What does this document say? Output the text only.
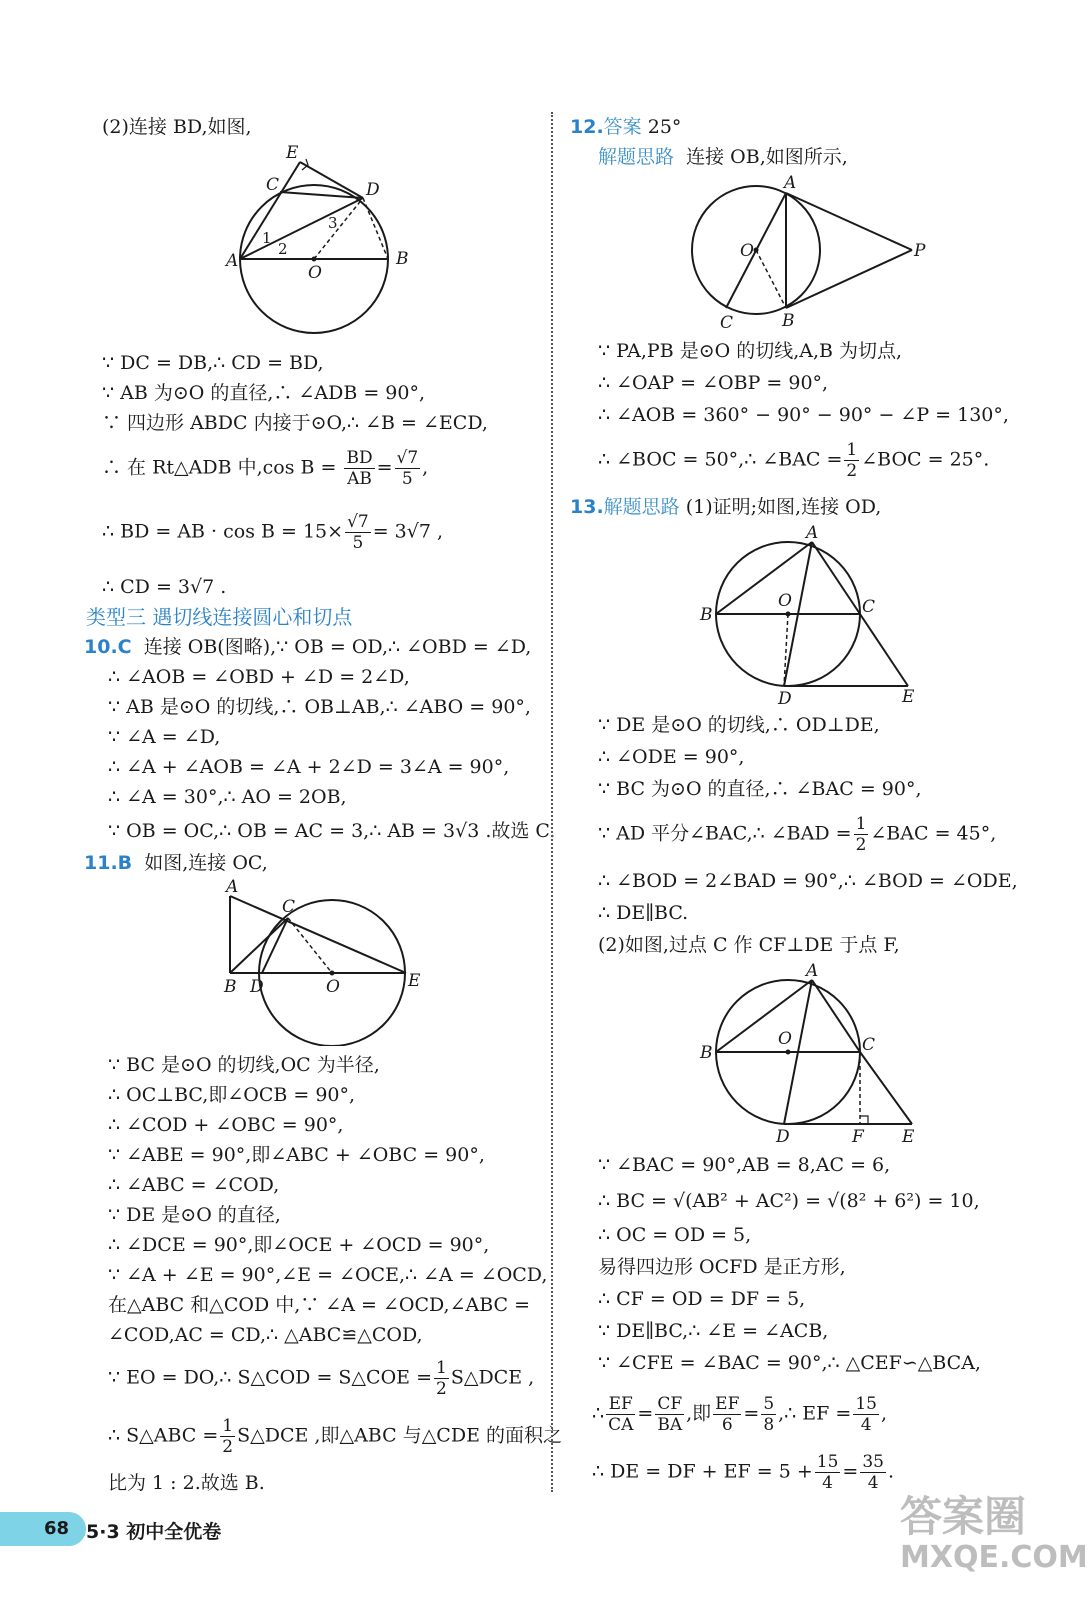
(2)连接 BD,如图,
E
C	D
A	B
O
1
2
3
∵ DC = DB,∴ CD = BD,
∵ AB 为⊙O 的直径,∴ ∠ADB = 90°,
∵ 四边形 ABDC 内接于⊙O,∴ ∠B = ∠ECD,
∴ 在 Rt△ADB 中,cos $B = \frac{BD}{AB} = \frac{√7}{5}$ ,
∴ BD = AB · $\cos B = 15\times \frac{√7}{5} = 3√7$ ,
∴ CD = 3√7 .
类型三 遇切线连接圆心和切点
10.C 连接 OB(图略),∵ OB = OD,∴ ∠OBD = ∠D,
∴ ∠AOB = ∠OBD + ∠D = 2∠D,
∵ AB 是⊙O 的切线,∴ OB⊥AB,∴ ∠ABO = 90°,
∵ ∠A = ∠D,
∴ ∠A + ∠AOB = ∠A + 2∠D = 3∠A = 90°,
∴ ∠A = 30°,∴ AO = 2OB,
∵ OB = OC,∴ OB = AC = 3,∴ AB = 3√3 .故选 C.
11.B 如图,连接 OC,
A
C
B D	O	E
∵ BC 是⊙O 的切线,OC 为半径,
∴ OC⊥BC,即∠OCB = 90°,
∴ ∠COD + ∠OBC = 90°,
∵ ∠ABE = 90°,即∠ABC + ∠OBC = 90°,
∴ ∠ABC = ∠COD,
∵ DE 是⊙O 的直径,
∴ ∠DCE = 90°,即∠OCE + ∠OCD = 90°,
∵ ∠A + ∠E = 90°,∠E = ∠OCE,∴ ∠A = ∠OCD,
在△ABC 和△COD 中,∵ ∠A = ∠OCD,∠ABC =
∠COD,AC = CD,∴ △ABC≌△COD,
∵ EO = DO,∴ S△COD = S△COE = $\frac{1}{2}$ S△DCE ,
∴ S△ABC = $\frac{1}{2}$ S△DCE ,即△ABC 与△CDE 的面积之
比为 1 : 2.故选 B.
12.答案 25°
解题思路 连接 OB,如图所示,
A
O	P
C	B
∵ PA,PB 是⊙O 的切线,A,B 为切点,
∴ ∠OAP = ∠OBP = 90°,
∴ ∠AOB = 360° − 90° − 90° − ∠P = 130°,
∴ ∠BOC = 50°,∴ ∠BAC = $\frac{1}{2}$ ∠BOC = 25°.
13.解题思路 (1)证明;如图,连接 OD,
A
B
O	C
D	E
∵ DE 是⊙O 的切线,∴ OD⊥DE,
∴ ∠ODE = 90°,
∵ BC 为⊙O 的直径,∴ ∠BAC = 90°,
∵ AD 平分∠BAC,∴ ∠BAD = $\frac{1}{2}$ ∠BAC = 45°,
∴ ∠BOD = 2∠BAD = 90°,∴ ∠BOD = ∠ODE,
∴ DE∥BC.
(2)如图,过点 C 作 CF⊥DE 于点 F,
A
B
O	C
D	F E
∵ ∠BAC = 90°,AB = 8,AC = 6,
∴ BC = √(AB² + AC²) = √(8² + 6²) = 10,
∴ OC = OD = 5,
易得四边形 OCFD 是正方形,
∴ CF = OD = DF = 5,
∵ DE∥BC,∴ ∠E = ∠ACB,
∵ ∠CFE = ∠BAC = 90°,∴ △CEF∽△BCA,
∴ $\frac{EF}{CA} = \frac{CF}{BA}$ ,即 $\frac{EF}{6} = \frac{5}{8}$ ,∴ EF = $\frac{15}{4}$ ,
∴ DE = DF + EF = $5 + \frac{15}{4} = \frac{35}{4}$ .
68 5·3 初中全优卷	答案圈
MXQE.COM
